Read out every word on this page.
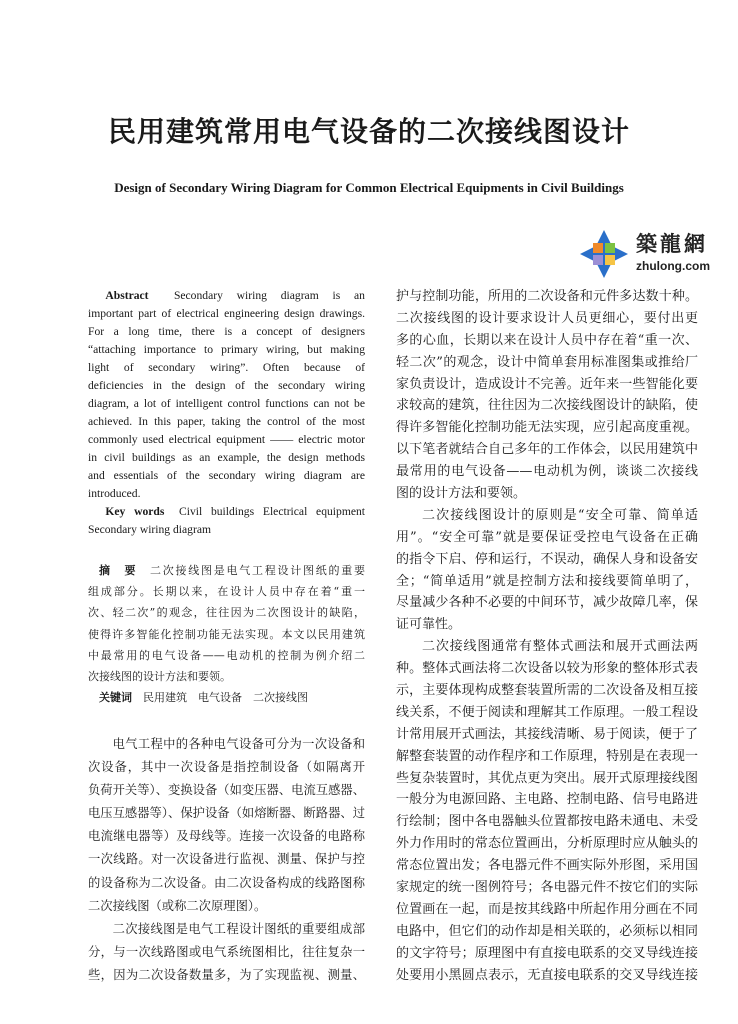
民用建筑常用电气设备的二次接线图设计
Design of Secondary Wiring Diagram for Common Electrical Equipments in Civil Buildings
築龍網
zhulong.com
Abstract  Secondary wiring diagram is an
important part of electrical engineering design drawings.
For a long time, there is a concept of designers
“attaching importance to primary wiring, but making
light of secondary wiring”. Often because of
deficiencies in the design of the secondary wiring
diagram, a lot of intelligent control functions can not be
achieved. In this paper, taking the control of the most
commonly used electrical equipment —— electric motor
in civil buildings as an example, the design methods
and essentials of the secondary wiring diagram are
introduced.
Key words  Civil buildings Electrical equipment
Secondary wiring diagram
摘　要　 二次接线图是电气工程设计图纸的重要
组成部分。长期以来，在设计人员中存在着“重一
次、轻二次”的观念，往往因为二次图设计的缺陷，
使得许多智能化控制功能无法实现。本文以民用建筑
中最常用的电气设备——电动机的控制为例介绍二
次接线图的设计方法和要领。
关键词　 民用建筑　电气设备　二次接线图
电气工程中的各种电气设备可分为一次设备和
次设备，其中一次设备是指控制设备（如隔离开
负荷开关等）、变换设备（如变压器、电流互感器、
电压互感器等）、保护设备（如熔断器、断路器、过
电流继电器等）及母线等。连接一次设备的电路称
一次线路。对一次设备进行监视、测量、保护与控
的设备称为二次设备。由二次设备构成的线路图称
二次接线图（或称二次原理图）。
二次接线图是电气工程设计图纸的重要组成部
分，与一次线路图或电气系统图相比，往往复杂一
些，因为二次设备数量多，为了实现监视、测量、
护与控制功能，所用的二次设备和元件多达数十种。
二次接线图的设计要求设计人员更细心，要付出更
多的心血，长期以来在设计人员中存在着“重一次、
轻二次”的观念，设计中简单套用标准图集或推给厂
家负责设计，造成设计不完善。近年来一些智能化要
求较高的建筑，往往因为二次接线图设计的缺陷，使
得许多智能化控制功能无法实现，应引起高度重视。
以下笔者就结合自己多年的工作体会，以民用建筑中
最常用的电气设备——电动机为例，谈谈二次接线
图的设计方法和要领。
二次接线图设计的原则是“安全可靠、简单适
用”。“安全可靠”就是要保证受控电气设备在正确
的指令下启、停和运行，不误动，确保人身和设备安
全；“简单适用”就是控制方法和接线要简单明了，
尽量减少各种不必要的中间环节，减少故障几率，保
证可靠性。
二次接线图通常有整体式画法和展开式画法两
种。整体式画法将二次设备以较为形象的整体形式表
示，主要体现构成整套装置所需的二次设备及相互接
线关系，不便于阅读和理解其工作原理。一般工程设
计常用展开式画法，其接线清晰、易于阅读，便于了
解整套装置的动作程序和工作原理，特别是在表现一
些复杂装置时，其优点更为突出。展开式原理接线图
一般分为电源回路、主电路、控制电路、信号电路进
行绘制；图中各电器触头位置都按电路未通电、未受
外力作用时的常态位置画出，分析原理时应从触头的
常态位置出发；各电器元件不画实际外形图，采用国
家规定的统一图例符号；各电器元件不按它们的实际
位置画在一起，而是按其线路中所起作用分画在不同
电路中，但它们的动作却是相关联的，必须标以相同
的文字符号；原理图中有直接电联系的交叉导线连接
处要用小黑圆点表示，无直接电联系的交叉导线连接
